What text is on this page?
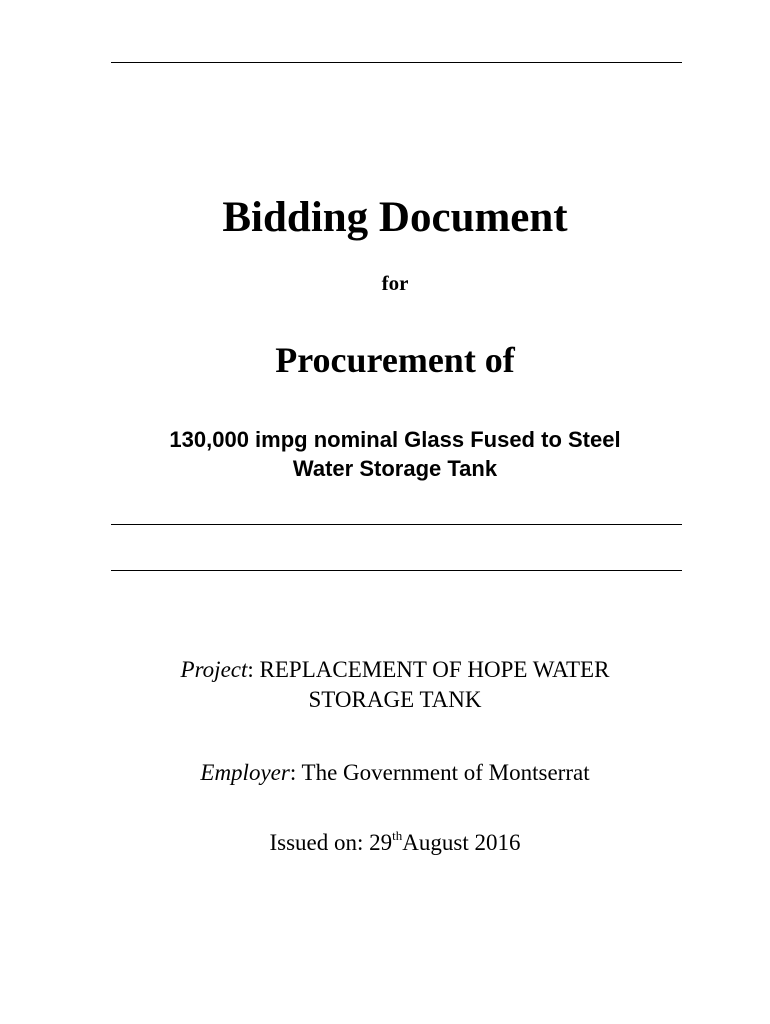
Bidding Document
for
Procurement of
130,000 impg nominal Glass Fused to Steel
Water Storage Tank
Project: REPLACEMENT OF HOPE WATER
STORAGE TANK
Employer: The Government of Montserrat
Issued on: 29thAugust 2016
